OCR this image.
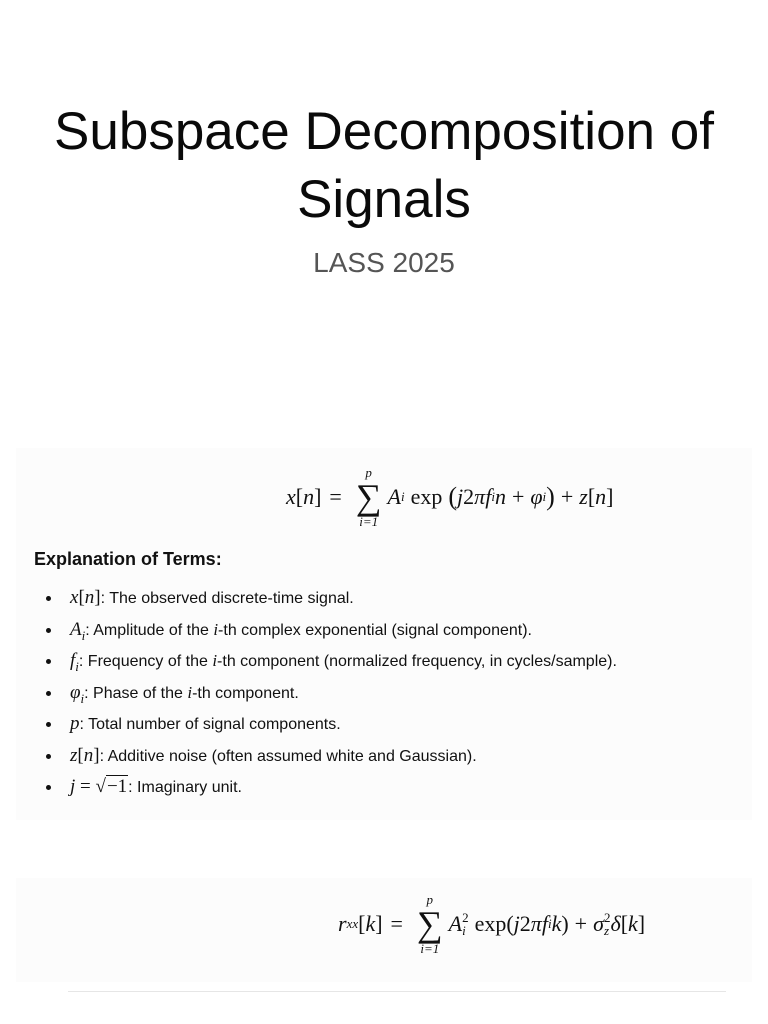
Subspace Decomposition of Signals
LASS 2025
x [ n ] =
p
∑
i=1
A i exp ( j 2 π f i n + φ i ) + z [ n ]
Explanation of Terms:
x[n]: The observed discrete-time signal.
$A_i$: Amplitude of the i-th complex exponential (signal component).
$f_i$: Frequency of the i-th component (normalized frequency, in cycles/sample).
$\varphi_i$: Phase of the i-th component.
p: Total number of signal components.
z[n]: Additive noise (often assumed white and Gaussian).
j = √−1: Imaginary unit.
r xx [ k ] =
p
∑
i=1
A 2
i exp( j 2 π f i k ) + σ 2
z δ [ k ]
